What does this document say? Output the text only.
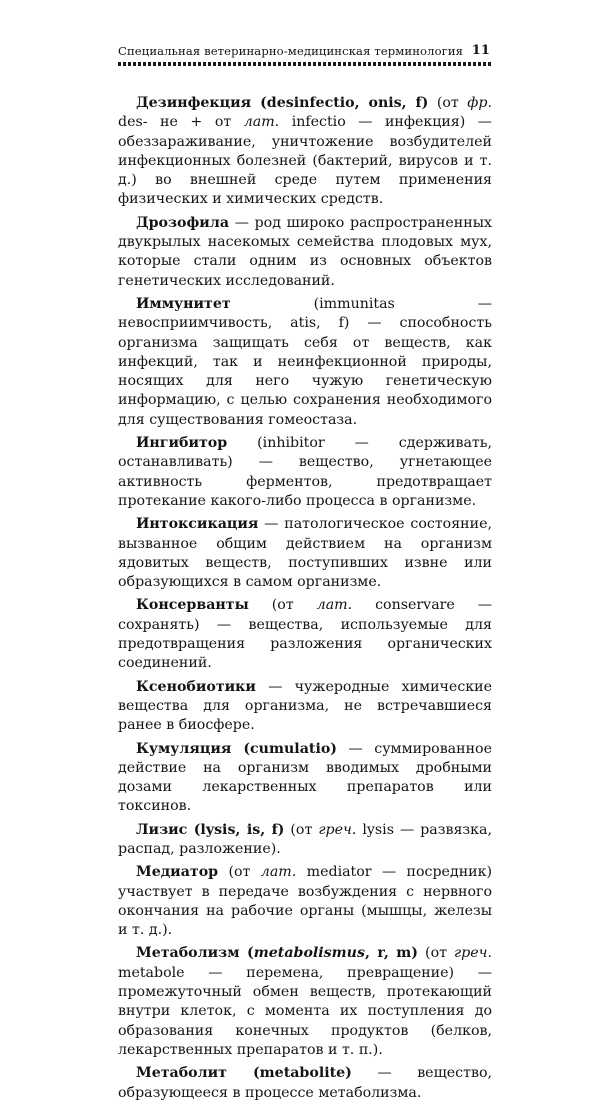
Специальная ветеринарно-медицинская терминология 11

Дезинфекция (desinfectio, onis, f) (от фр. des- не + от лат. infectio — инфекция) — обеззараживание, уничтожение возбудителей инфекционных болезней (бактерий, вирусов и т. д.) во внешней среде путем применения физических и химических средств.

Дрозофила — род широко распространенных двукрылых насекомых семейства плодовых мух, которые стали одним из основных объектов генетических исследований.

Иммунитет (immunitas — невосприимчивость, atis, f) — способность организма защищать себя от веществ, как инфекций, так и неинфекционной природы, носящих для него чужую генетическую информацию, с целью сохранения необходимого для существования гомеостаза.

Ингибитор (inhibitor — сдерживать, останавливать) — вещество, угнетающее активность ферментов, предотвращает протекание какого-либо процесса в организме.

Интоксикация — патологическое состояние, вызванное общим действием на организм ядовитых веществ, поступивших извне или образующихся в самом организме.

Консерванты (от лат. conservare — сохранять) — вещества, используемые для предотвращения разложения органических соединений.

Ксенобиотики — чужеродные химические вещества для организма, не встречавшиеся ранее в биосфере.

Кумуляция (cumulatio) — суммированное действие на организм вводимых дробными дозами лекарственных препаратов или токсинов.

Лизис (lysis, is, f) (от греч. lysis — развязка, распад, разложение).

Медиатор (от лат. mediator — посредник) участвует в передаче возбуждения с нервного окончания на рабочие органы (мышцы, железы и т. д.).

Метаболизм (metabolismus, r, m) (от греч. metabole — перемена, превращение) — промежуточный обмен веществ, протекающий внутри клеток, с момента их поступления до образования конечных продуктов (белков, лекарственных препаратов и т. п.).

Метаболит (metabolite) — вещество, образующееся в процессе метаболизма.
